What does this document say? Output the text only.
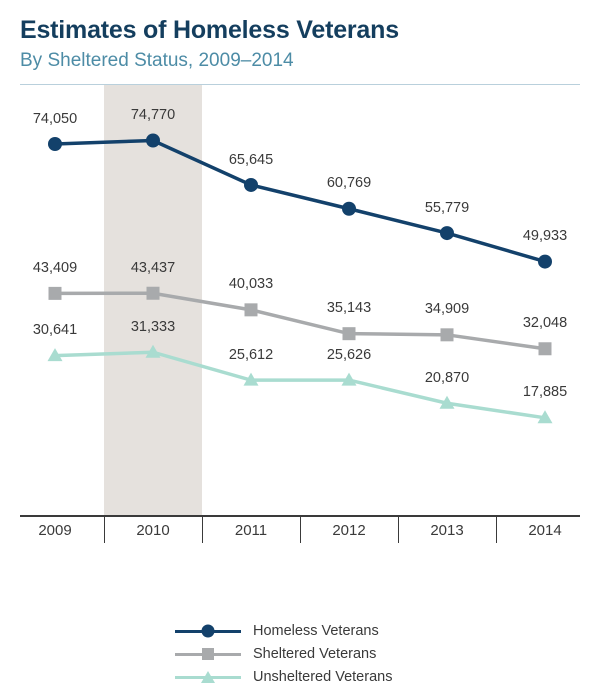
Estimates of Homeless Veterans

By Sheltered Status, 2009–2014

74,050	74,770
65,645
60,769
55,779
49,933
43,409	43,437
40,033
35,143	34,909
32,048
30,641	31,333
25,612	25,626
20,870
17,885
2009	2010	2011	2012	2013	2014
Homeless Veterans
Sheltered Veterans
Unsheltered Veterans
